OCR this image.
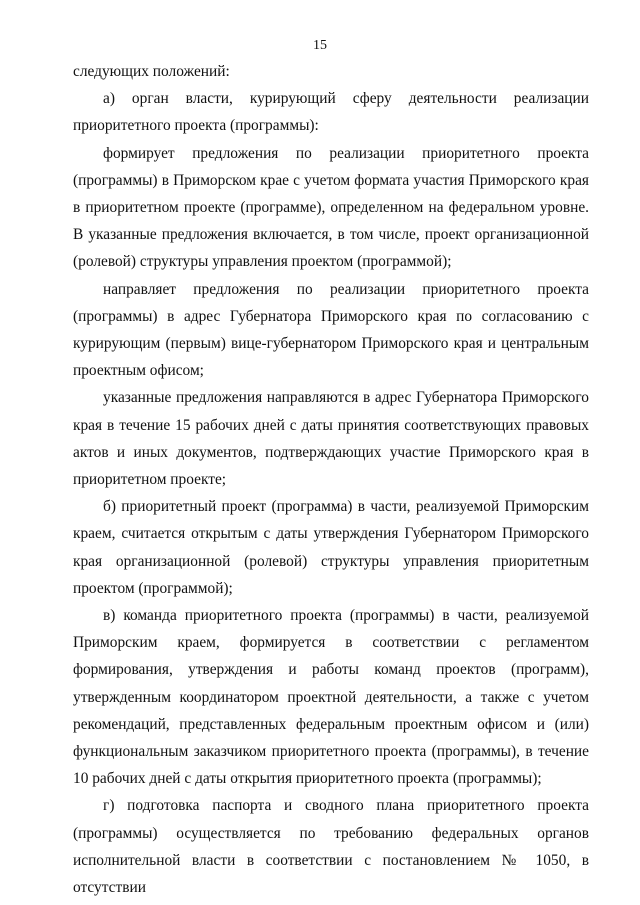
15

следующих положений:

а) орган власти, курирующий сферу деятельности реализации приоритетного проекта (программы):

формирует предложения по реализации приоритетного проекта (программы) в Приморском крае с учетом формата участия Приморского края в приоритетном проекте (программе), определенном на федеральном уровне. В указанные предложения включается, в том числе, проект организационной (ролевой) структуры управления проектом (программой);

направляет предложения по реализации приоритетного проекта (программы) в адрес Губернатора Приморского края по согласованию с курирующим (первым) вице-губернатором Приморского края и центральным проектным офисом;

указанные предложения направляются в адрес Губернатора Приморского края в течение 15 рабочих дней с даты принятия соответствующих правовых актов и иных документов, подтверждающих участие Приморского края в приоритетном проекте;

б) приоритетный проект (программа) в части, реализуемой Приморским краем, считается открытым с даты утверждения Губернатором Приморского края организационной (ролевой) структуры управления приоритетным проектом (программой);

в) команда приоритетного проекта (программы) в части, реализуемой Приморским краем, формируется в соответствии с регламентом формирования, утверждения и работы команд проектов (программ), утвержденным координатором проектной деятельности, а также с учетом рекомендаций, представленных федеральным проектным офисом и (или) функциональным заказчиком приоритетного проекта (программы), в течение 10 рабочих дней с даты открытия приоритетного проекта (программы);

г) подготовка паспорта и сводного плана приоритетного проекта (программы) осуществляется по требованию федеральных органов исполнительной власти в соответствии с постановлением № 1050, в отсутствии
